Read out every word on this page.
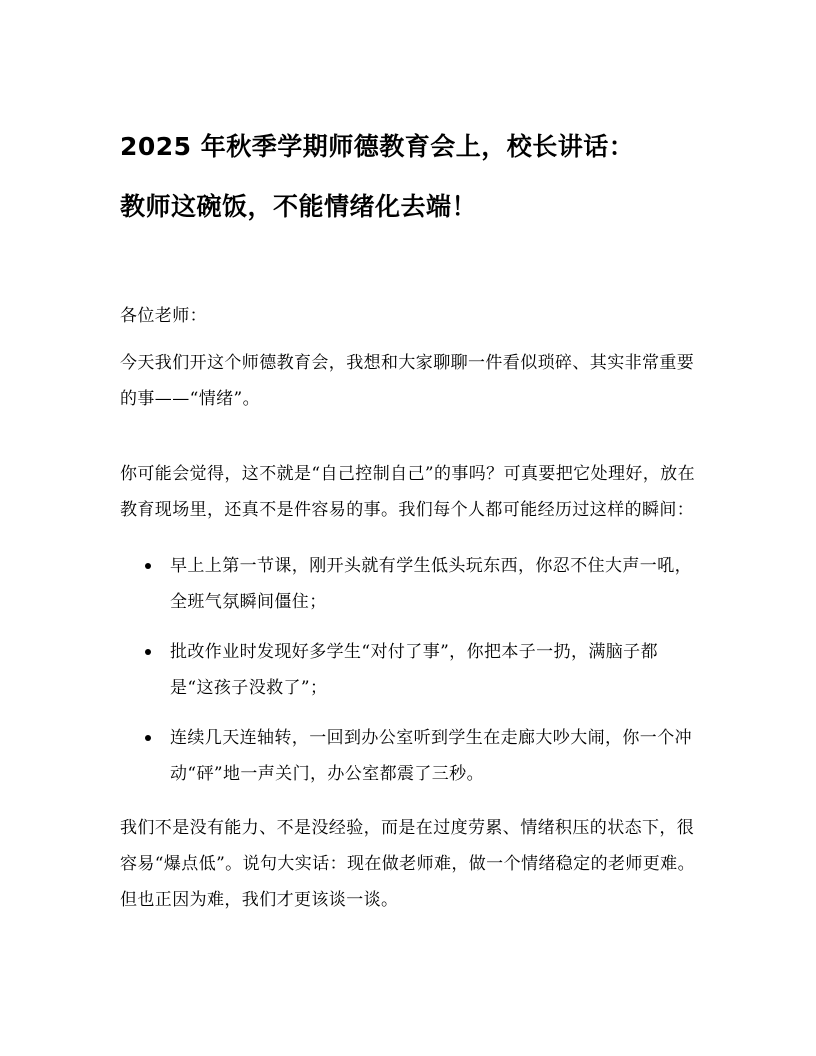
2025 年秋季学期师德教育会上，校长讲话：
教师这碗饭，不能情绪化去端！
各位老师：
今天我们开这个师德教育会，我想和大家聊聊一件看似琐碎、其实非常重要的事——“情绪”。
你可能会觉得，这不就是“自己控制自己”的事吗？可真要把它处理好，放在教育现场里，还真不是件容易的事。我们每个人都可能经历过这样的瞬间：
早上上第一节课，刚开头就有学生低头玩东西，你忍不住大声一吼，全班气氛瞬间僵住；
批改作业时发现好多学生“对付了事”，你把本子一扔，满脑子都是“这孩子没救了”；
连续几天连轴转，一回到办公室听到学生在走廊大吵大闹，你一个冲动“砰”地一声关门，办公室都震了三秒。
我们不是没有能力、不是没经验，而是在过度劳累、情绪积压的状态下，很容易“爆点低”。说句大实话：现在做老师难，做一个情绪稳定的老师更难。但也正因为难，我们才更该谈一谈。
